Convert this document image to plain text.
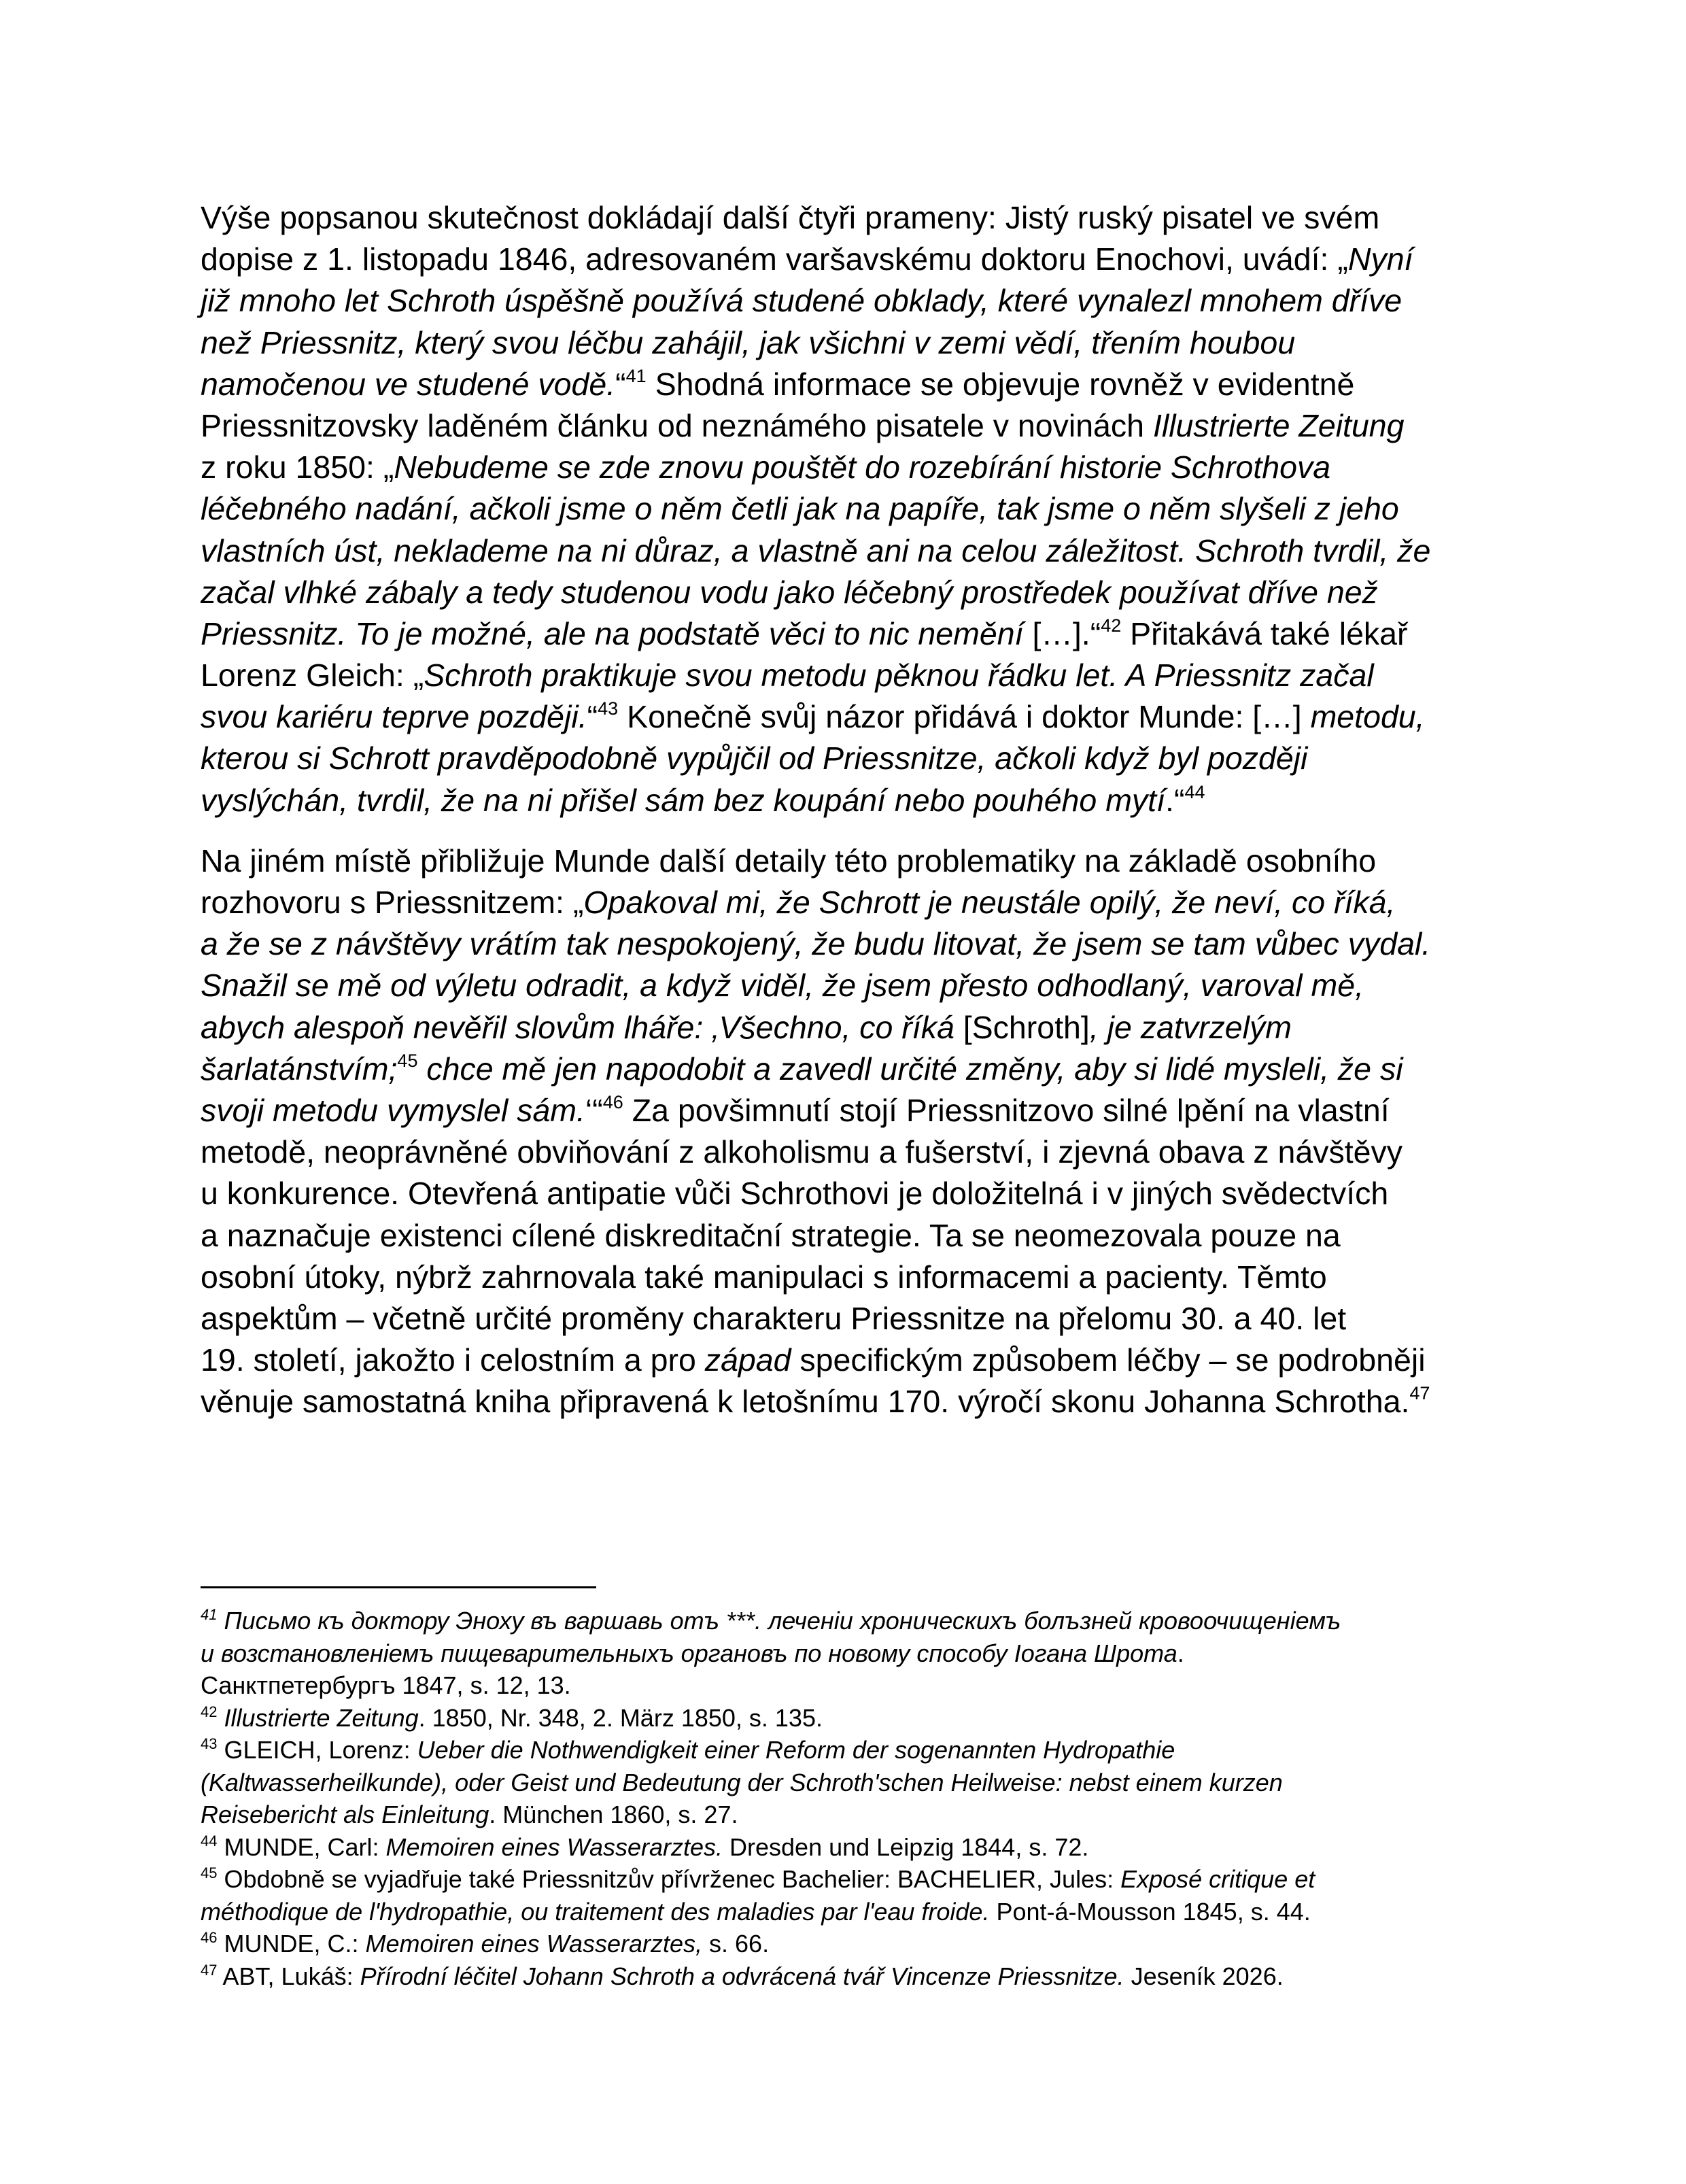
Výše popsanou skutečnost dokládají další čtyři prameny: Jistý ruský pisatel ve svém
dopise z 1. listopadu 1846, adresovaném varšavskému doktoru Enochovi, uvádí: „Nyní
již mnoho let Schroth úspěšně používá studené obklady, které vynalezl mnohem dříve
než Priessnitz, který svou léčbu zahájil, jak všichni v zemi vědí, třením houbou
namočenou ve studené vodě.“$^{41}$ Shodná informace se objevuje rovněž v evidentně
Priessnitzovsky laděném článku od neznámého pisatele v novinách Illustrierte Zeitung
z roku 1850: „Nebudeme se zde znovu pouštět do rozebírání historie Schrothova
léčebného nadání, ačkoli jsme o něm četli jak na papíře, tak jsme o něm slyšeli z jeho
vlastních úst, neklademe na ni důraz, a vlastně ani na celou záležitost. Schroth tvrdil, že
začal vlhké zábaly a tedy studenou vodu jako léčebný prostředek používat dříve než
Priessnitz. To je možné, ale na podstatě věci to nic nemění […].“$^{42}$ Přitakává také lékař
Lorenz Gleich: „Schroth praktikuje svou metodu pěknou řádku let. A Priessnitz začal
svou kariéru teprve později.“$^{43}$ Konečně svůj názor přidává i doktor Munde: […] metodu,
kterou si Schrott pravděpodobně vypůjčil od Priessnitze, ačkoli když byl později
vyslýchán, tvrdil, že na ni přišel sám bez koupání nebo pouhého mytí.“$^{44}$
Na jiném místě přibližuje Munde další detaily této problematiky na základě osobního
rozhovoru s Priessnitzem: „Opakoval mi, že Schrott je neustále opilý, že neví, co říká,
a že se z návštěvy vrátím tak nespokojený, že budu litovat, že jsem se tam vůbec vydal.
Snažil se mě od výletu odradit, a když viděl, že jsem přesto odhodlaný, varoval mě,
abych alespoň nevěřil slovům lháře: ‚Všechno, co říká [Schroth], je zatvrzelým
šarlatánstvím;$^{45}$ chce mě jen napodobit a zavedl určité změny, aby si lidé mysleli, že si
svoji metodu vymyslel sám.‘“$^{46}$ Za povšimnutí stojí Priessnitzovo silné lpění na vlastní
metodě, neoprávněné obviňování z alkoholismu a fušerství, i zjevná obava z návštěvy
u konkurence. Otevřená antipatie vůči Schrothovi je doložitelná i v jiných svědectvích
a naznačuje existenci cílené diskreditační strategie. Ta se neomezovala pouze na
osobní útoky, nýbrž zahrnovala také manipulaci s informacemi a pacienty. Těmto
aspektům – včetně určité proměny charakteru Priessnitze na přelomu 30. a 40. let
19. století, jakožto i celostním a pro západ specifickým způsobem léčby – se podrobněji
věnuje samostatná kniha připravená k letošnímu 170. výročí skonu Johanna Schrotha.$^{47}$
$^{41}$ Письмо къ доктору Эноху въ варшавь отъ ***. леченiи хроническихъ болъзней кровоочищенiемъ
и возстановленiемъ пищеварительныхъ органовъ по новому способу Iогана Шрота.
Санктпетербургъ 1847, s. 12, 13.
$^{42}$ Illustrierte Zeitung. 1850, Nr. 348, 2. März 1850, s. 135.
$^{43}$ GLEICH, Lorenz: Ueber die Nothwendigkeit einer Reform der sogenannten Hydropathie
(Kaltwasserheilkunde), oder Geist und Bedeutung der Schroth'schen Heilweise: nebst einem kurzen
Reisebericht als Einleitung. München 1860, s. 27.
$^{44}$ MUNDE, Carl: Memoiren eines Wasserarztes. Dresden und Leipzig 1844, s. 72.
$^{45}$ Obdobně se vyjadřuje také Priessnitzův přívrženec Bachelier: BACHELIER, Jules: Exposé critique et
méthodique de l'hydropathie, ou traitement des maladies par l'eau froide. Pont-á-Mousson 1845, s. 44.
$^{46}$ MUNDE, C.: Memoiren eines Wasserarztes, s. 66.
$^{47}$ ABT, Lukáš: Přírodní léčitel Johann Schroth a odvrácená tvář Vincenze Priessnitze. Jeseník 2026.
